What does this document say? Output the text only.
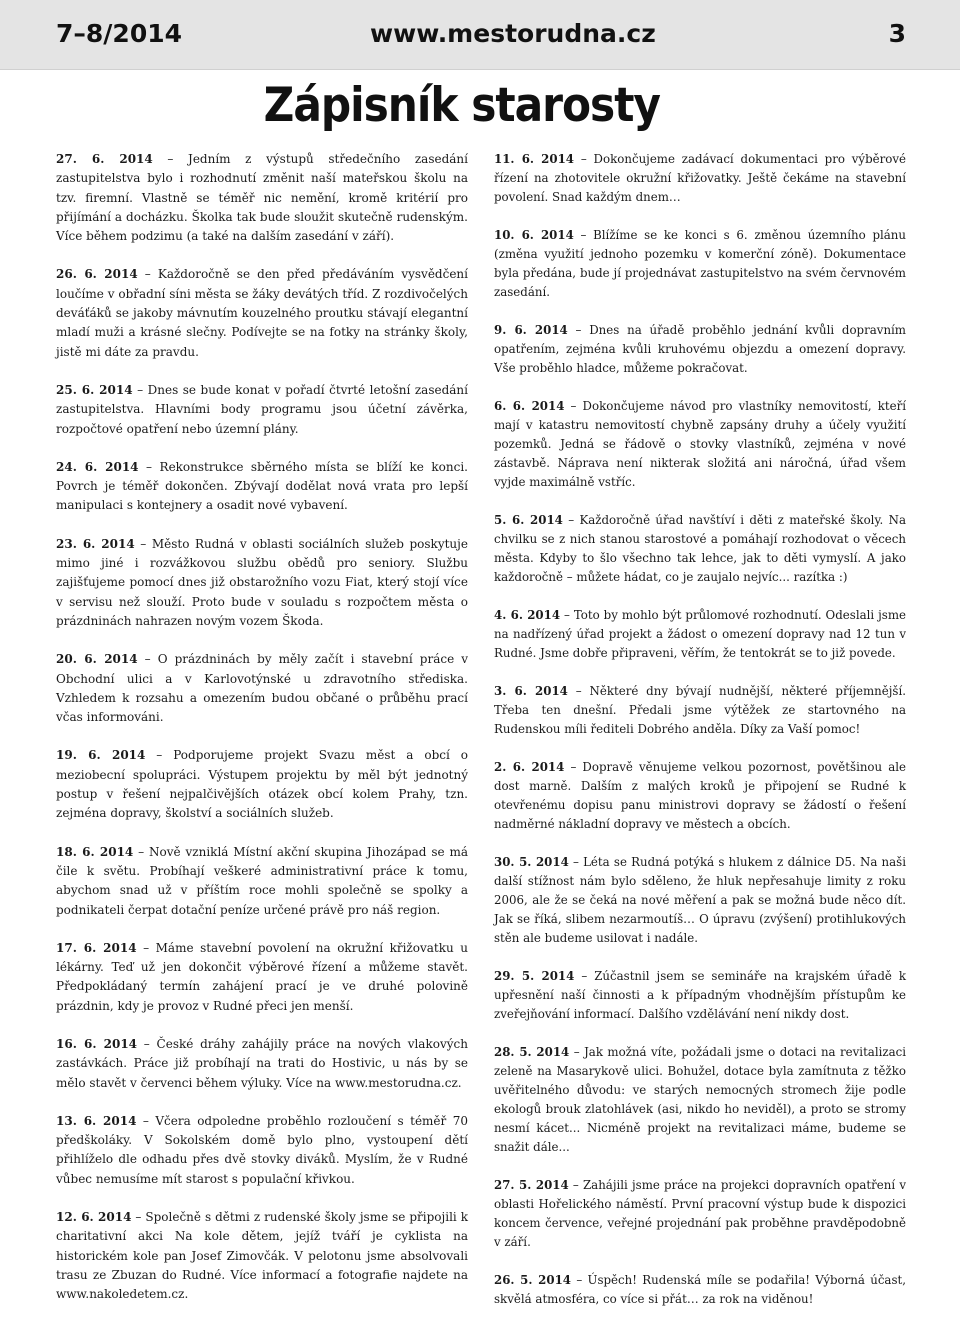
7–8/2014	www.mestorudna.cz	3
Zápisník starosty

27. 6. 2014 – Jedním z výstupů středečního zasedání zastupitelstva bylo i rozhodnutí změnit naší mateřskou školu na tzv. firemní. Vlastně se téměř nic nemění, kromě kritérií pro přijímání a docházku. Školka tak bude sloužit skutečně rudenským. Více během podzimu (a také na dalším zasedání v září).

26. 6. 2014 – Každoročně se den před předáváním vysvědčení loučíme v obřadní síni města se žáky devátých tříd. Z rozdivočelých deváťáků se jakoby mávnutím kouzelného proutku stávají elegantní mladí muži a krásné slečny. Podívejte se na fotky na stránky školy, jistě mi dáte za pravdu.

25. 6. 2014 – Dnes se bude konat v pořadí čtvrté letošní zasedání zastupitelstva. Hlavními body programu jsou účetní závěrka, rozpočtové opatření nebo územní plány.

24. 6. 2014 – Rekonstrukce sběrného místa se blíží ke konci. Povrch je téměř dokončen. Zbývají dodělat nová vrata pro lepší manipulaci s kontejnery a osadit nové vybavení.

23. 6. 2014 – Město Rudná v oblasti sociálních služeb poskytuje mimo jiné i rozvážkovou službu obědů pro seniory. Službu zajišťujeme pomocí dnes již obstarožního vozu Fiat, který stojí více v servisu než slouží. Proto bude v souladu s rozpočtem města o prázdninách nahrazen novým vozem Škoda.

20. 6. 2014 – O prázdninách by měly začít i stavební práce v Obchodní ulici a v Karlovotýnské u zdravotního střediska. Vzhledem k rozsahu a omezením budou občané o průběhu prací včas informováni.

19. 6. 2014 – Podporujeme projekt Svazu měst a obcí o meziobecní spolupráci. Výstupem projektu by měl být jednotný postup v řešení nejpalčivějších otázek obcí kolem Prahy, tzn. zejména dopravy, školství a sociálních služeb.

18. 6. 2014 – Nově vzniklá Místní akční skupina Jihozápad se má čile k světu. Probíhají veškeré administrativní práce k tomu, abychom snad už v příštím roce mohli společně se spolky a podnikateli čerpat dotační peníze určené právě pro náš region.

17. 6. 2014 – Máme stavební povolení na okružní křižovatku u lékárny. Teď už jen dokončit výběrové řízení a můžeme stavět. Předpokládaný termín zahájení prací je ve druhé polovině prázdnin, kdy je provoz v Rudné přeci jen menší.

16. 6. 2014 – České dráhy zahájily práce na nových vlakových zastávkách. Práce již probíhají na trati do Hostivic, u nás by se mělo stavět v červenci během výluky. Více na www.mestorudna.cz.

13. 6. 2014 – Včera odpoledne proběhlo rozloučení s téměř 70 předškoláky. V Sokolském domě bylo plno, vystoupení dětí přihlíželo dle odhadu přes dvě stovky diváků. Myslím, že v Rudné vůbec nemusíme mít starost s populační křivkou.

12. 6. 2014 – Společně s dětmi z rudenské školy jsme se připojili k charitativní akci Na kole dětem, jejíž tváří je cyklista na historickém kole pan Josef Zimovčák. V pelotonu jsme absolvovali trasu ze Zbuzan do Rudné. Více informací a fotografie najdete na www.nakoledetem.cz.

11. 6. 2014 – Dokončujeme zadávací dokumentaci pro výběrové řízení na zhotovitele okružní křižovatky. Ještě čekáme na stavební povolení. Snad každým dnem…

10. 6. 2014 – Blížíme se ke konci s 6. změnou územního plánu (změna využití jednoho pozemku v komerční zóně). Dokumentace byla předána, bude jí projednávat zastupitelstvo na svém červnovém zasedání.

9. 6. 2014 – Dnes na úřadě proběhlo jednání kvůli dopravním opatřením, zejména kvůli kruhovému objezdu a omezení dopravy. Vše proběhlo hladce, můžeme pokračovat.

6. 6. 2014 – Dokončujeme návod pro vlastníky nemovitostí, kteří mají v katastru nemovitostí chybně zapsány druhy a účely využití pozemků. Jedná se řádově o stovky vlastníků, zejména v nové zástavbě. Náprava není nikterak složitá ani náročná, úřad všem vyjde maximálně vstříc.

5. 6. 2014 – Každoročně úřad navštíví i děti z mateřské školy. Na chvilku se z nich stanou starostové a pomáhají rozhodovat o věcech města. Kdyby to šlo všechno tak lehce, jak to děti vymyslí. A jako každoročně – můžete hádat, co je zaujalo nejvíc... razítka :)

4. 6. 2014 – Toto by mohlo být průlomové rozhodnutí. Odeslali jsme na nadřízený úřad projekt a žádost o omezení dopravy nad 12 tun v Rudné. Jsme dobře připraveni, věřím, že tentokrát se to již povede.

3. 6. 2014 – Některé dny bývají nudnější, některé příjemnější. Třeba ten dnešní. Předali jsme výtěžek ze startovného na Rudenskou míli řediteli Dobrého anděla. Díky za Vaší pomoc!

2. 6. 2014 – Dopravě věnujeme velkou pozornost, povětšinou ale dost marně. Dalším z malých kroků je připojení se Rudné k otevřenému dopisu panu ministrovi dopravy se žádostí o řešení nadměrné nákladní dopravy ve městech a obcích.

30. 5. 2014 – Léta se Rudná potýká s hlukem z dálnice D5. Na naši další stížnost nám bylo sděleno, že hluk nepřesahuje limity z roku 2006, ale že se čeká na nové měření a pak se možná bude něco dít. Jak se říká, slibem nezarmoutíš… O úpravu (zvýšení) protihlukových stěn ale budeme usilovat i nadále.

29. 5. 2014 – Zúčastnil jsem se semináře na krajském úřadě k upřesnění naší činnosti a k případným vhodnějším přístupům ke zveřejňování informací. Dalšího vzdělávání není nikdy dost.

28. 5. 2014 – Jak možná víte, požádali jsme o dotaci na revitalizaci zeleně na Masarykově ulici. Bohužel, dotace byla zamítnuta z těžko uvěřitelného důvodu: ve starých nemocných stromech žije podle ekologů brouk zlatohlávek (asi, nikdo ho neviděl), a proto se stromy nesmí kácet... Nicméně projekt na revitalizaci máme, budeme se snažit dále...

27. 5. 2014 – Zahájili jsme práce na projekci dopravních opatření v oblasti Hořelického náměstí. První pracovní výstup bude k dispozici koncem července, veřejné projednání pak proběhne pravděpodobně v září.

26. 5. 2014 – Úspěch! Rudenská míle se podařila! Výborná účast, skvělá atmosféra, co více si přát… za rok na viděnou!
